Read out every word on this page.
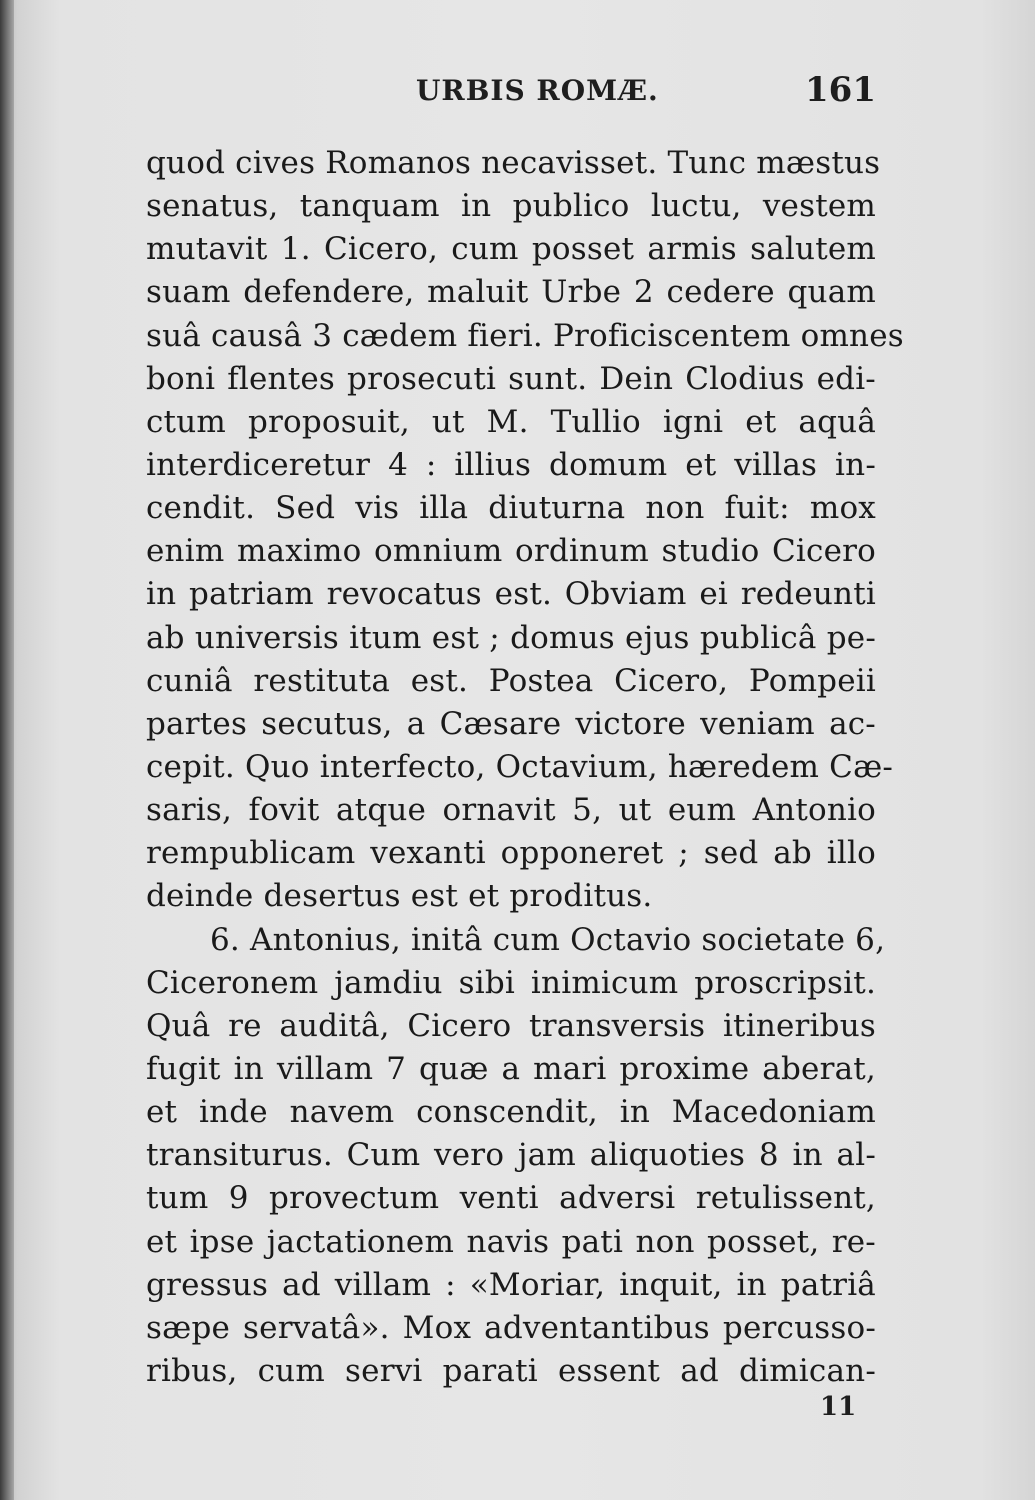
URBIS ROMÆ.	161
quod cives Romanos necavisset. Tunc mæstus
senatus, tanquam in publico luctu, vestem
mutavit 1. Cicero, cum posset armis salutem
suam defendere, maluit Urbe 2 cedere quam
suâ causâ 3 cædem fieri. Proficiscentem omnes
boni flentes prosecuti sunt. Dein Clodius edi-
ctum proposuit, ut M. Tullio igni et aquâ
interdiceretur 4 : illius domum et villas in-
cendit. Sed vis illa diuturna non fuit: mox
enim maximo omnium ordinum studio Cicero
in patriam revocatus est. Obviam ei redeunti
ab universis itum est ; domus ejus publicâ pe-
cuniâ restituta est. Postea Cicero, Pompeii
partes secutus, a Cæsare victore veniam ac-
cepit. Quo interfecto, Octavium, hæredem Cæ-
saris, fovit atque ornavit 5, ut eum Antonio
rempublicam vexanti opponeret ; sed ab illo
deinde desertus est et proditus.
6. Antonius, initâ cum Octavio societate 6,
Ciceronem jamdiu sibi inimicum proscripsit.
Quâ re auditâ, Cicero transversis itineribus
fugit in villam 7 quæ a mari proxime aberat,
et inde navem conscendit, in Macedoniam
transiturus. Cum vero jam aliquoties 8 in al-
tum 9 provectum venti adversi retulissent,
et ipse jactationem navis pati non posset, re-
gressus ad villam : «Moriar, inquit, in patriâ
sæpe servatâ». Mox adventantibus percusso-
ribus, cum servi parati essent ad dimican-
11
